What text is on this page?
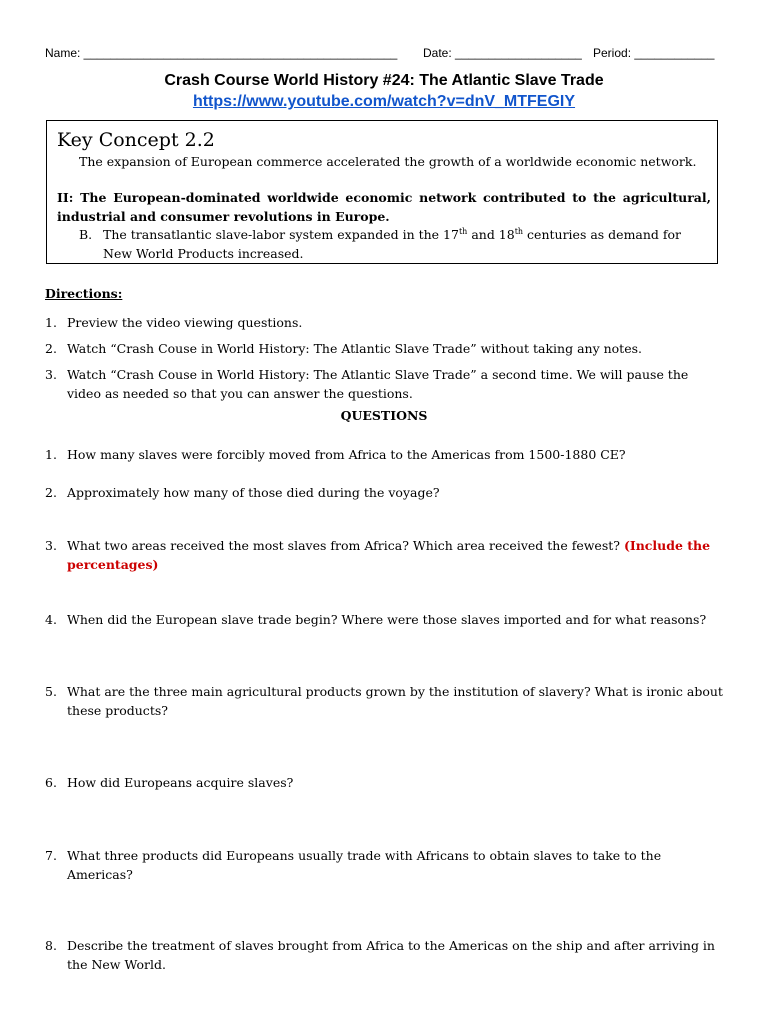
Name: _______________________________________________ Date: ___________________ Period: ____________
Crash Course World History #24: The Atlantic Slave Trade
https://www.youtube.com/watch?v=dnV_MTFEGIY
Key Concept 2.2
The expansion of European commerce accelerated the growth of a worldwide economic network.
II: The European-dominated worldwide economic network contributed to the agricultural, industrial and consumer revolutions in Europe.
B. The transatlantic slave-labor system expanded in the 17th and 18th centuries as demand for New World Products increased.
Directions:
1. Preview the video viewing questions.
2. Watch “Crash Couse in World History: The Atlantic Slave Trade” without taking any notes.
3. Watch “Crash Couse in World History: The Atlantic Slave Trade” a second time. We will pause the video as needed so that you can answer the questions.
QUESTIONS
1. How many slaves were forcibly moved from Africa to the Americas from 1500-1880 CE?
2. Approximately how many of those died during the voyage?
3. What two areas received the most slaves from Africa? Which area received the fewest? (Include the percentages)
4. When did the European slave trade begin? Where were those slaves imported and for what reasons?
5. What are the three main agricultural products grown by the institution of slavery? What is ironic about these products?
6. How did Europeans acquire slaves?
7. What three products did Europeans usually trade with Africans to obtain slaves to take to the Americas?
8. Describe the treatment of slaves brought from Africa to the Americas on the ship and after arriving in the New World.
